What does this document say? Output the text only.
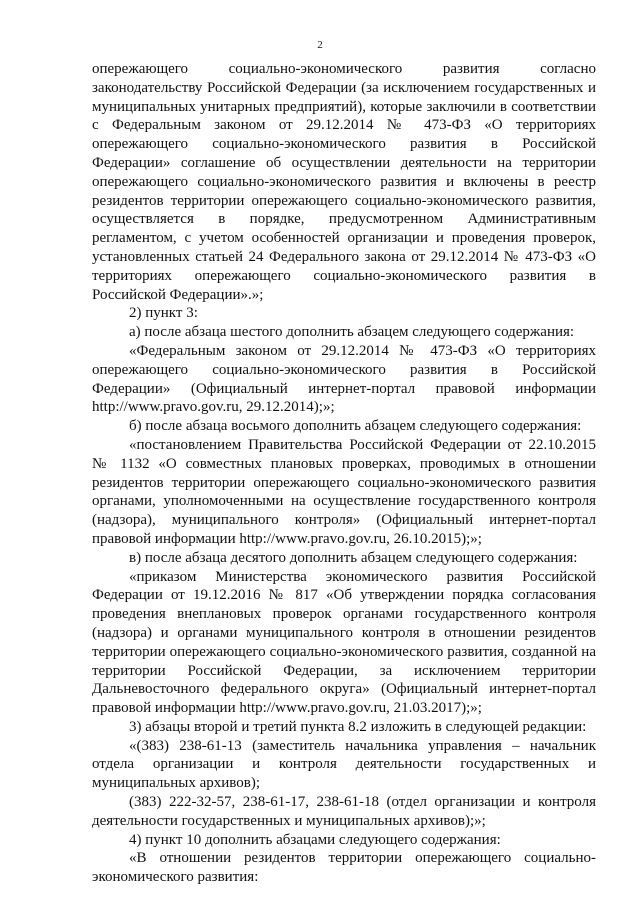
2

опережающего социально-экономического развития согласно законодательству Российской Федерации (за исключением государственных и муниципальных унитарных предприятий), которые заключили в соответствии с Федеральным законом от 29.12.2014 № 473-ФЗ «О территориях опережающего социально-экономического развития в Российской Федерации» соглашение об осуществлении деятельности на территории опережающего социально-экономического развития и включены в реестр резидентов территории опережающего социально-экономического развития, осуществляется в порядке, предусмотренном Административным регламентом, с учетом особенностей организации и проведения проверок, установленных статьей 24 Федерального закона от 29.12.2014 № 473-ФЗ «О территориях опережающего социально-экономического развития в Российской Федерации».»;

2) пункт 3:

а) после абзаца шестого дополнить абзацем следующего содержания:

«Федеральным законом от 29.12.2014 № 473-ФЗ «О территориях опережающего социально-экономического развития в Российской Федерации» (Официальный интернет-портал правовой информации http://www.pravo.gov.ru, 29.12.2014);»;

б) после абзаца восьмого дополнить абзацем следующего содержания:

«постановлением Правительства Российской Федерации от 22.10.2015 № 1132 «О совместных плановых проверках, проводимых в отношении резидентов территории опережающего социально-экономического развития органами, уполномоченными на осуществление государственного контроля (надзора), муниципального контроля» (Официальный интернет-портал правовой информации http://www.pravo.gov.ru, 26.10.2015);»;

в) после абзаца десятого дополнить абзацем следующего содержания:

«приказом Министерства экономического развития Российской Федерации от 19.12.2016 № 817 «Об утверждении порядка согласования проведения внеплановых проверок органами государственного контроля (надзора) и органами муниципального контроля в отношении резидентов территории опережающего социально-экономического развития, созданной на территории Российской Федерации, за исключением территории Дальневосточного федерального округа» (Официальный интернет-портал правовой информации http://www.pravo.gov.ru, 21.03.2017);»;

3) абзацы второй и третий пункта 8.2 изложить в следующей редакции:

«(383) 238-61-13 (заместитель начальника управления – начальник отдела организации и контроля деятельности государственных и муниципальных архивов);

(383) 222-32-57, 238-61-17, 238-61-18 (отдел организации и контроля деятельности государственных и муниципальных архивов);»;

4) пункт 10 дополнить абзацами следующего содержания:

«В отношении резидентов территории опережающего социально-экономического развития:
